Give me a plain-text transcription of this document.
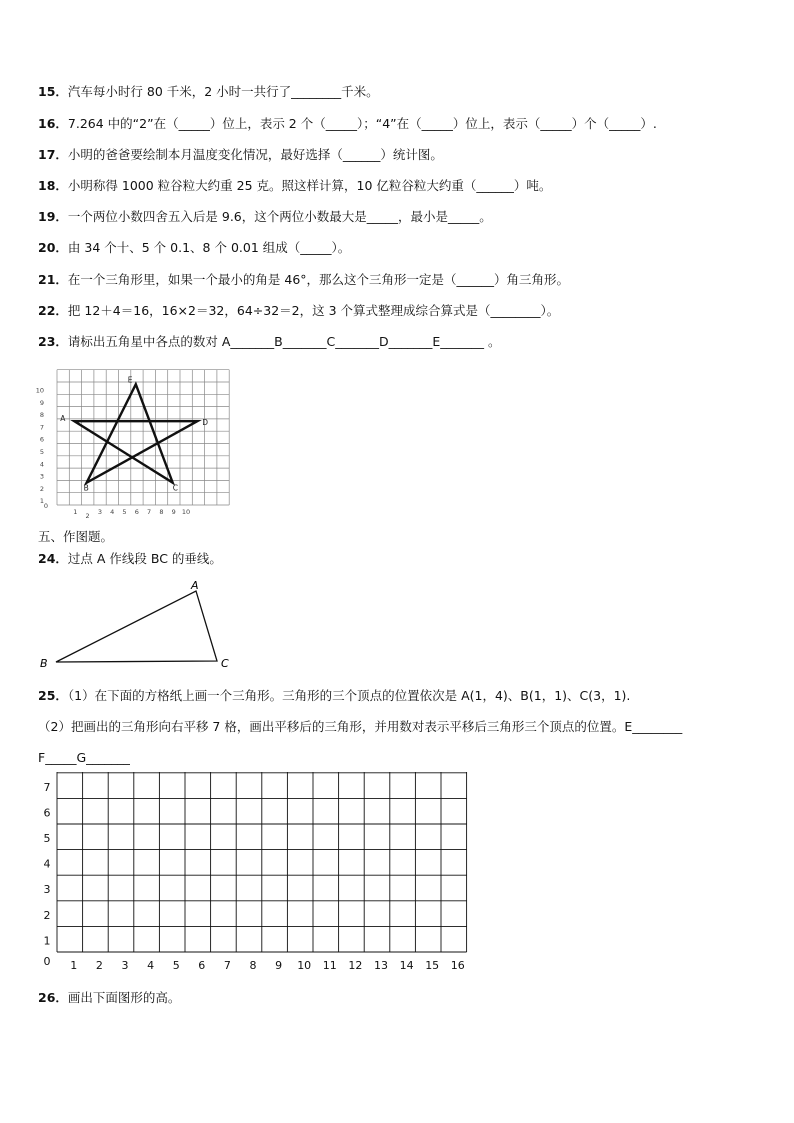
15．汽车每小时行 80 千米，2 小时一共行了________千米。
16．7.264 中的“2”在（_____）位上，表示 2 个（_____）；“4”在（_____）位上，表示（_____）个（_____）.
17．小明的爸爸要绘制本月温度变化情况，最好选择（______）统计图。
18．小明称得 1000 粒谷粒大约重 25 克。照这样计算，10 亿粒谷粒大约重（______）吨。
19．一个两位小数四舍五入后是 9.6，这个两位小数最大是_____，最小是_____。
20．由 34 个十、5 个 0.1、8 个 0.01 组成（_____）。
21．在一个三角形里，如果一个最小的角是 46°，那么这个三角形一定是（______）角三角形。
22．把 12＋4＝16，16×2＝32，64÷32＝2，这 3 个算式整理成综合算式是（________）。
23．请标出五角星中各点的数对 A_______B_______C_______D_______E_______ 。
1 2 3 4 5 6 7 8 9 10
1
2
3
4
5
6
7
8
9
10
0
A
B	C
D
E
五、作图题。
24．过点 A 作线段 BC 的垂线。
A
B	C
25．（1）在下面的方格纸上画一个三角形。三角形的三个顶点的位置依次是 A(1，4)、B(1，1)、C(3，1).
（2）把画出的三角形向右平移 7 格，画出平移后的三角形，并用数对表示平移后三角形三个顶点的位置。E________
F_____G_______
1 2 3 4 5 6 7 8 9 10 11 12 13 14 15 16
1
2
3
4
5
6
7
0
26．画出下面图形的高。
